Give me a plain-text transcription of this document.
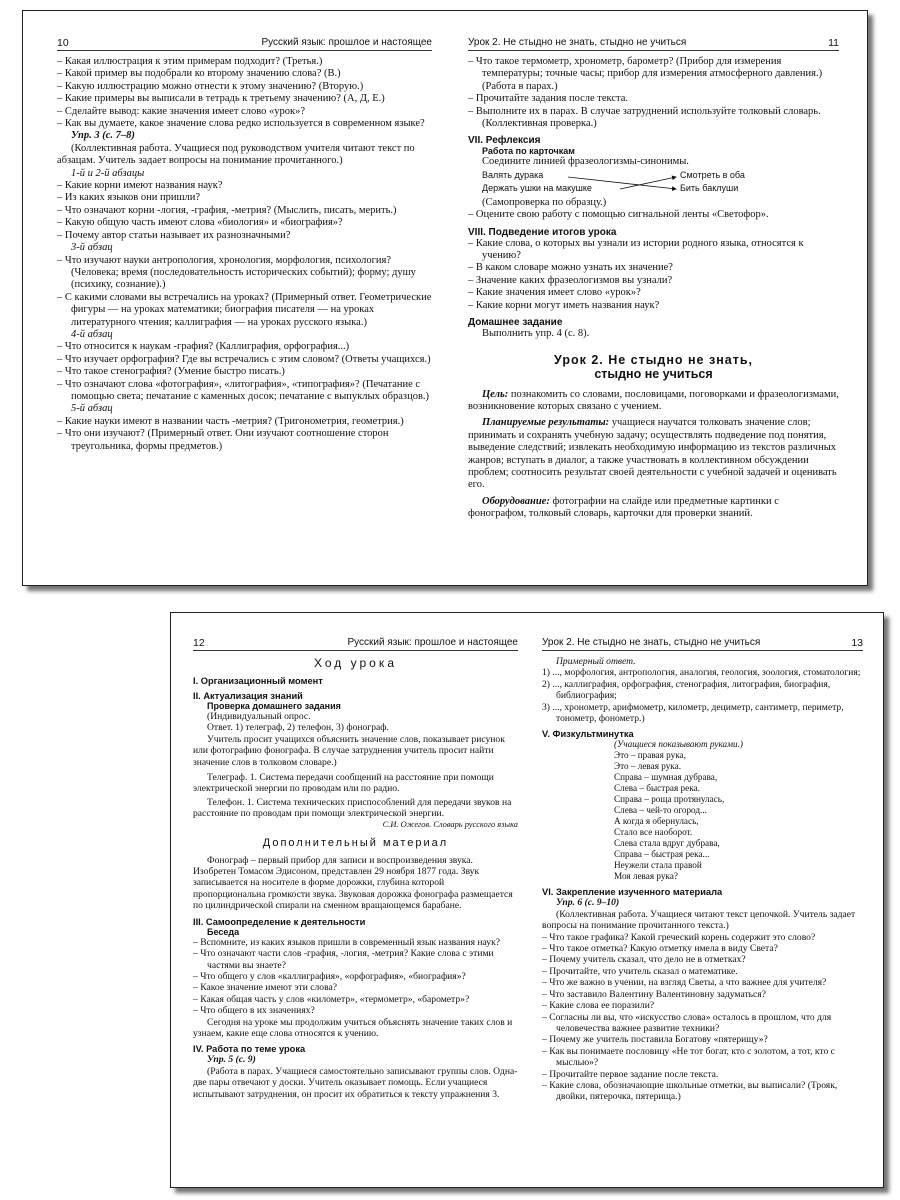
10	Русский язык: прошлое и настоящее
– Какая иллюстрация к этим примерам подходит? (Третья.)
– Какой пример вы подобрали ко второму значению слова? (В.)
– Какую иллюстрацию можно отнести к этому значению? (Вторую.)
– Какие примеры вы выписали в тетрадь к третьему значению? (А, Д, Е.)
– Сделайте вывод: какие значения имеет слово «урок»?
– Как вы думаете, какое значение слова редко используется в современном языке?
Упр. 3 (с. 7–8)
(Коллективная работа. Учащиеся под руководством учителя читают текст по абзацам. Учитель задает вопросы на понимание прочитанного.)
1-й и 2-й абзацы
– Какие корни имеют названия наук?
– Из каких языков они пришли?
– Что означают корни -логия, -графия, -метрия? (Мыслить, писать, мерить.)
– Какую общую часть имеют слова «биология» и «биография»?
– Почему автор статьи называет их разнозначными?
3-й абзац
– Что изучают науки антропология, хронология, морфология, психология? (Человека; время (последовательность исторических событий); форму; душу (психику, сознание).)
– С какими словами вы встречались на уроках? (Примерный ответ. Геометрические фигуры — на уроках математики; биография писателя — на уроках литературного чтения; каллиграфия — на уроках русского языка.)
4-й абзац
– Что относится к наукам -графия? (Каллиграфия, орфография...)
– Что изучает орфография? Где вы встречались с этим словом? (Ответы учащихся.)
– Что такое стенография? (Умение быстро писать.)
– Что означают слова «фотография», «литография», «типография»? (Печатание с помощью света; печатание с каменных досок; печатание с выпуклых образцов.)
5-й абзац
– Какие науки имеют в названии часть -метрия? (Тригонометрия, геометрия.)
– Что они изучают? (Примерный ответ. Они изучают соотношение сторон треугольника, формы предметов.)
Урок 2. Не стыдно не знать, стыдно не учиться	11
– Что такое термометр, хронометр, барометр? (Прибор для измерения температуры; точные часы; прибор для измерения атмосферного давления.)
(Работа в парах.)
– Прочитайте задания после текста.
– Выполните их в парах. В случае затруднений используйте толковый словарь.
(Коллективная проверка.)
VII. Рефлексия
Работа по карточкам
Соедините линией фразеологизмы-синонимы.
Валять дурака
Держать ушки на макушке
Смотреть в оба
Бить баклуши
(Самопроверка по образцу.)
– Оцените свою работу с помощью сигнальной ленты «Светофор».
VIII. Подведение итогов урока
– Какие слова, о которых вы узнали из истории родного языка, относятся к учению?
– В каком словаре можно узнать их значение?
– Значение каких фразеологизмов вы узнали?
– Какие значения имеет слово «урок»?
– Какие корни могут иметь названия наук?
Домашнее задание
Выполнить упр. 4 (с. 8).
Урок 2. Не стыдно не знать,
стыдно не учиться
Цель: познакомить со словами, пословицами, поговорками и фразеологизмами, возникновение которых связано с учением.
Планируемые результаты: учащиеся научатся толковать значение слов; принимать и сохранять учебную задачу; осуществлять подведение под понятия, выведение следствий; извлекать необходимую информацию из текстов различных жанров; вступать в диалог, а также участвовать в коллективном обсуждении проблем; соотносить результат своей деятельности с учебной задачей и оценивать его.
Оборудование: фотографии на слайде или предметные картинки с фонографом, толковый словарь, карточки для проверки знаний.
12	Русский язык: прошлое и настоящее
Ход урока
I. Организационный момент
II. Актуализация знаний
Проверка домашнего задания
(Индивидуальный опрос.
Ответ. 1) телеграф, 2) телефон, 3) фонограф.
Учитель просит учащихся объяснить значение слов, показывает рисунок или фотографию фонографа. В случае затруднения учитель просит найти значение слов в толковом словаре.)
Телеграф. 1. Система передачи сообщений на расстояние при помощи электрической энергии по проводам или по радио.
Телефон. 1. Система технических приспособлений для передачи звуков на расстояние по проводам при помощи электрической энергии.
С.И. Ожегов. Словарь русского языка
Дополнительный материал
Фонограф – первый прибор для записи и воспроизведения звука. Изобретен Томасом Эдисоном, представлен 29 ноября 1877 года. Звук записывается на носителе в форме дорожки, глубина которой пропорциональна громкости звука. Звуковая дорожка фонографа размещается по цилиндрической спирали на сменном вращающемся барабане.
III. Самоопределение к деятельности
Беседа
– Вспомните, из каких языков пришли в современный язык названия наук?
– Что означают части слов -графия, -логия, -метрия? Какие слова с этими частями вы знаете?
– Что общего у слов «каллиграфия», «орфография», «биография»?
– Какое значение имеют эти слова?
– Какая общая часть у слов «километр», «термометр», «барометр»?
– Что общего в их значениях?
Сегодня на уроке мы продолжим учиться объяснять значение таких слов и узнаем, какие еще слова относятся к учению.
IV. Работа по теме урока
Упр. 5 (с. 9)
(Работа в парах. Учащиеся самостоятельно записывают группы слов. Одна-две пары отвечают у доски. Учитель оказывает помощь. Если учащиеся испытывают затруднения, он просит их обратиться к тексту упражнения 3.
Урок 2. Не стыдно не знать, стыдно не учиться	13
Примерный ответ.
1) ..., морфология, антропология, аналогия, геология, зоология, стоматология;
2) ..., каллиграфия, орфография, стенография, литография, биография, библиография;
3) ..., хронометр, арифмометр, километр, дециметр, сантиметр, периметр, тонометр, фонометр.)
V. Физкультминутка
(Учащиеся показывают руками.)
Это – правая рука,
Это – левая рука.
Справа – шумная дубрава,
Слева – быстрая река.
Справа – роща протянулась,
Слева – чей-то огород...
А когда я обернулась,
Стало все наоборот.
Слева стала вдруг дубрава,
Справа – быстрая река...
Неужели стала правой
Моя левая рука?
VI. Закрепление изученного материала
Упр. 6 (с. 9–10)
(Коллективная работа. Учащиеся читают текст цепочкой. Учитель задает вопросы на понимание прочитанного текста.)
– Что такое графика? Какой греческий корень содержит это слово?
– Что такое отметка? Какую отметку имела в виду Света?
– Почему учитель сказал, что дело не в отметках?
– Прочитайте, что учитель сказал о математике.
– Что же важно в учении, на взгляд Светы, а что важнее для учителя?
– Что заставило Валентину Валентиновну задуматься?
– Какие слова ее поразили?
– Согласны ли вы, что «искусство слова» осталось в прошлом, что для человечества важнее развитие техники?
– Почему же учитель поставила Богатову «пятерищу»?
– Как вы понимаете пословицу «Не тот богат, кто с золотом, а тот, кто с мыслью»?
– Прочитайте первое задание после текста.
– Какие слова, обозначающие школьные отметки, вы выписали? (Трояк, двойки, пятерочка, пятерища.)
